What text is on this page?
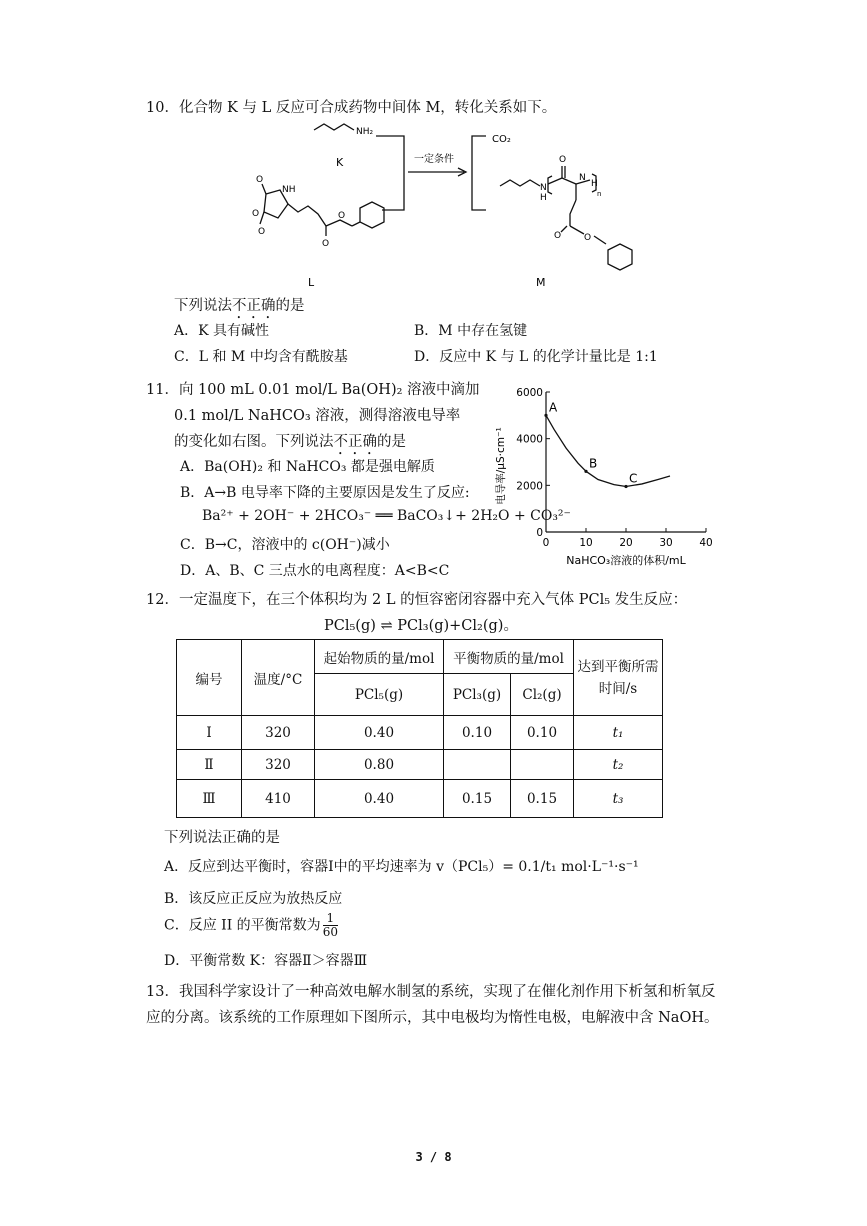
10．化合物 K 与 L 反应可合成药物中间体 M，转化关系如下。
NH₂
K
O
NH
O
O
O
O
L
一定条件
CO₂
N
H
O
N
H
n
O	O
M
下列说法不正确的是
A．K 具有碱性	B．M 中存在氢键
C．L 和 M 中均含有酰胺基	D．反应中 K 与 L 的化学计量比是 1:1
11．向 100 mL 0.01 mol/L Ba(OH)₂ 溶液中滴加
0.1 mol/L NaHCO₃ 溶液，测得溶液电导率
的变化如右图。下列说法不正确的是
A．Ba(OH)₂ 和 NaHCO₃ 都是强电解质
B．A→B 电导率下降的主要原因是发生了反应:
Ba²⁺ + 2OH⁻ + 2HCO₃⁻ ══ BaCO₃↓+ 2H₂O + CO₃²⁻
C．B→C，溶液中的 c(OH⁻)减小
D．A、B、C 三点水的电离程度：A<B<C
0	10	20	30	40
0
2000
4000
6000
A
B
C
电导率/μS·cm⁻¹
NaHCO₃溶液的体积/mL
12．一定温度下，在三个体积均为 2 L 的恒容密闭容器中充入气体 PCl₅ 发生反应：
PCl₅(g) ⇌ PCl₃(g)+Cl₂(g)。
编号	温度/°C	起始物质的量/mol	平衡物质的量/mol		达到平衡所需时间/s
		PCl₅(g)	PCl₃(g)	Cl₂(g)	
Ⅰ	320	0.40	0.10	0.10	t₁
Ⅱ	320	0.80			t₂
Ⅲ	410	0.40	0.15	0.15	t₃
下列说法正确的是
A．反应到达平衡时，容器Ⅰ中的平均速率为 v（PCl₅）= 0.1/t₁ mol·L⁻¹·s⁻¹
B．该反应正反应为放热反应
C．反应 II 的平衡常数为 $\frac{1}{60}$
D．平衡常数 K：容器Ⅱ＞容器Ⅲ
13．我国科学家设计了一种高效电解水制氢的系统，实现了在催化剂作用下析氢和析氧反
应的分离。该系统的工作原理如下图所示，其中电极均为惰性电极，电解液中含 NaOH。
3 / 8
